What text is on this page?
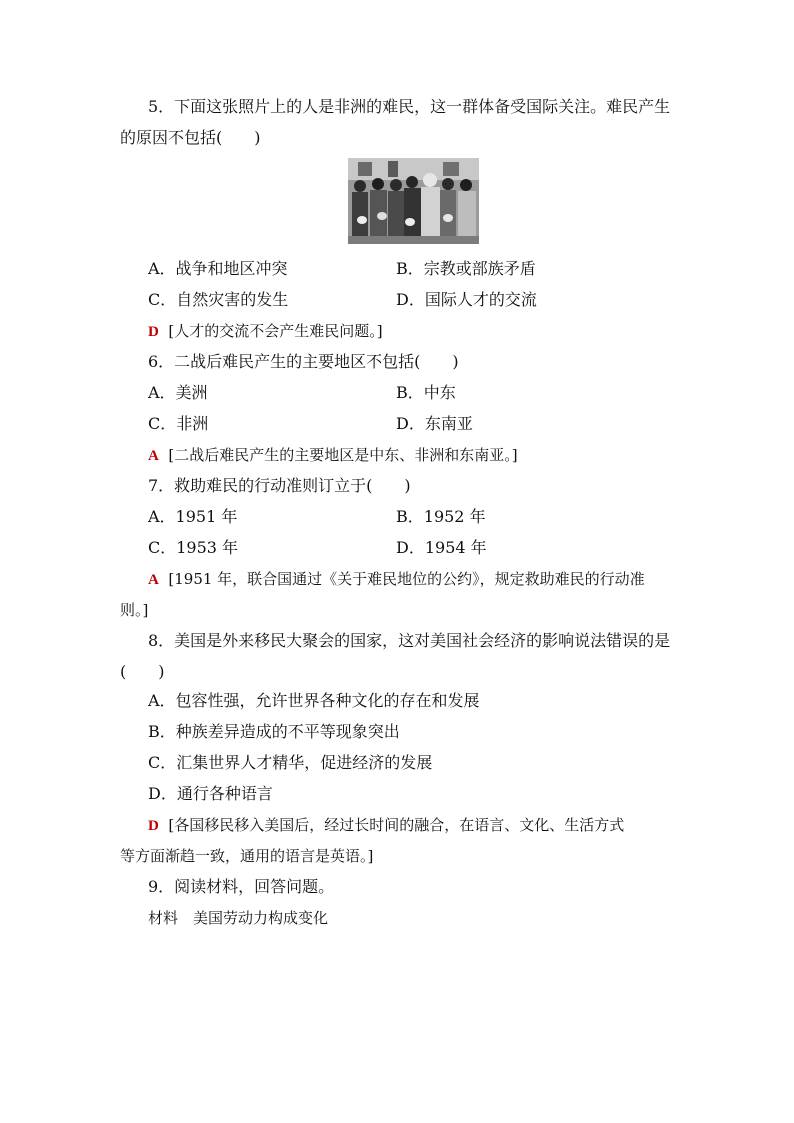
5．下面这张照片上的人是非洲的难民，这一群体备受国际关注。难民产生
的原因不包括(　　)
A．战争和地区冲突	B．宗教或部族矛盾
C．自然灾害的发生	D．国际人才的交流
D [人才的交流不会产生难民问题。]
6．二战后难民产生的主要地区不包括(　　)
A．美洲	B．中东
C．非洲	D．东南亚
A [二战后难民产生的主要地区是中东、非洲和东南亚。]
7．救助难民的行动准则订立于(　　)
A．1951 年	B．1952 年
C．1953 年	D．1954 年
A [1951 年，联合国通过《关于难民地位的公约》，规定救助难民的行动准
则。]
8．美国是外来移民大聚会的国家，这对美国社会经济的影响说法错误的是
(　　)
A．包容性强，允许世界各种文化的存在和发展
B．种族差异造成的不平等现象突出
C．汇集世界人才精华，促进经济的发展
D．通行各种语言
D [各国移民移入美国后，经过长时间的融合，在语言、文化、生活方式
等方面渐趋一致，通用的语言是英语。]
9．阅读材料，回答问题。
材料　美国劳动力构成变化
